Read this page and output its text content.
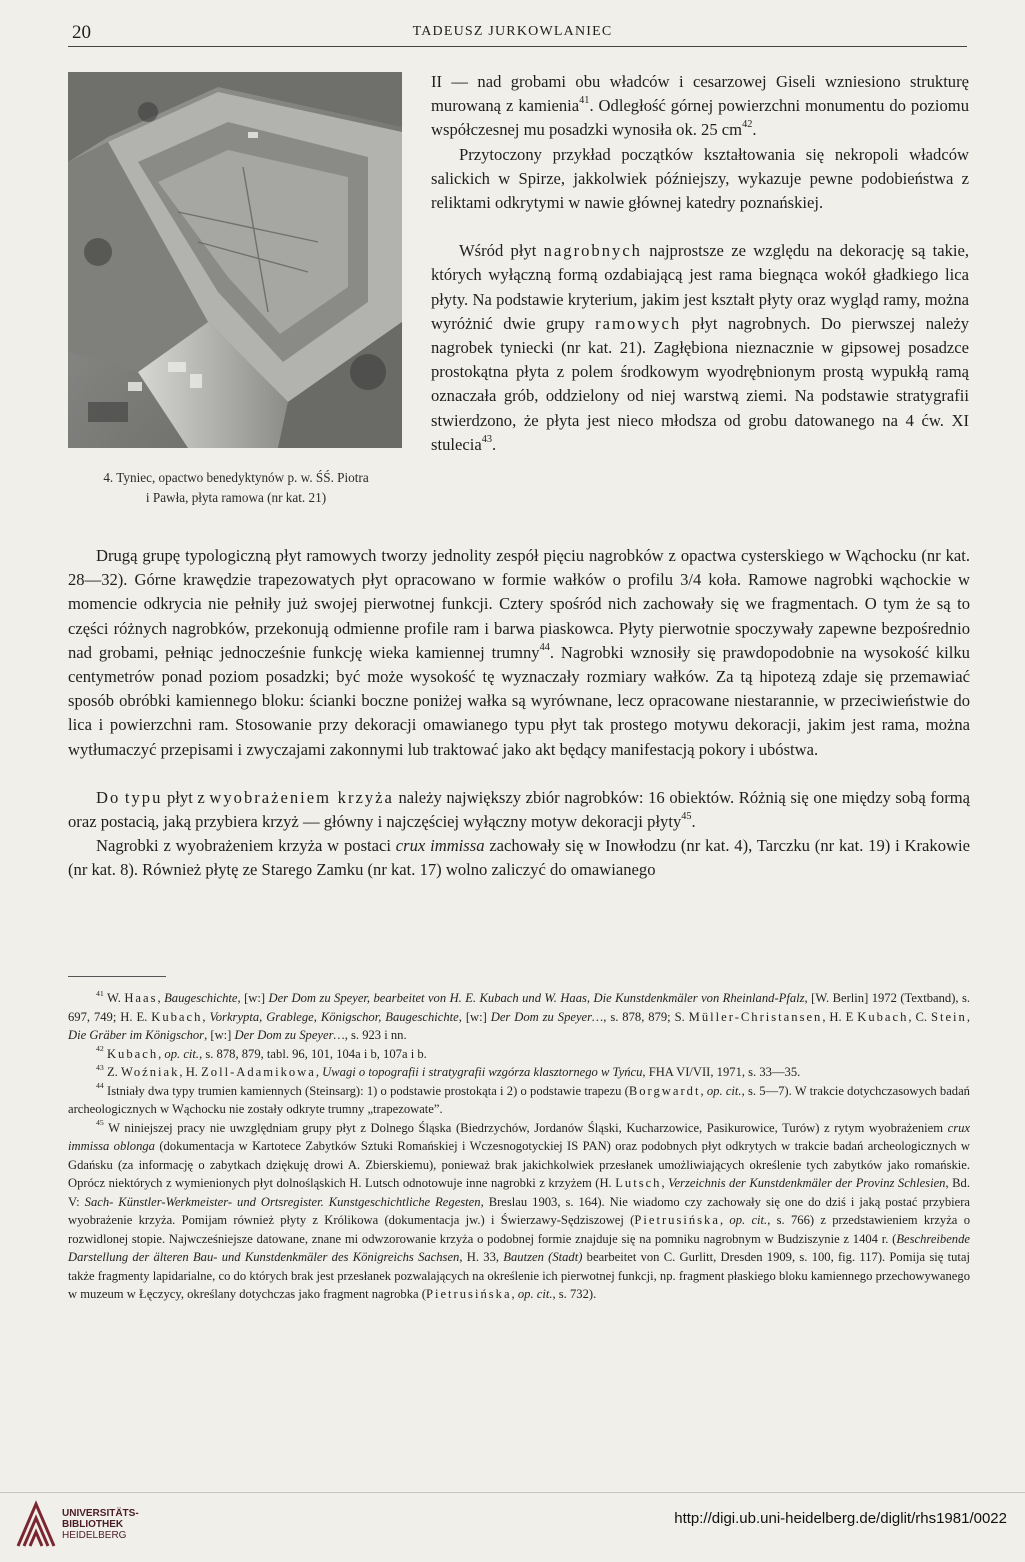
20	TADEUSZ JURKOWLANIEC
4. Tyniec, opactwo benedyktynów p. w. ŚŚ. Piotra
i Pawła, płyta ramowa (nr kat. 21)

II — nad grobami obu władców i cesarzowej Giseli wzniesiono strukturę murowaną z kamienia$^{41}$. Odległość górnej powierzchni monumentu do poziomu współczesnej mu posadzki wynosiła ok. 25 $cm^{42}$.

Przytoczony przykład początków kształtowania się nekropoli władców salickich w Spirze, jakkolwiek późniejszy, wykazuje pewne podobieństwa z reliktami odkrytymi w nawie głównej katedry poznańskiej.

Wśród płyt nagrobnych najprostsze ze względu na dekorację są takie, których wyłączną formą ozdabiającą jest rama biegnąca wokół gładkiego lica płyty. Na podstawie kryterium, jakim jest kształt płyty oraz wygląd ramy, można wyróżnić dwie grupy ramowych płyt nagrobnych. Do pierwszej należy nagrobek tyniecki (nr kat. 21). Zagłębiona nieznacznie w gipsowej posadzce prostokątna płyta z polem środkowym wyodrębnionym prostą wypukłą ramą oznaczała grób, oddzielony od niej warstwą ziemi. Na podstawie stratygrafii stwierdzono, że płyta jest nieco młodsza od grobu datowanego na 4 ćw. XI stulecia$^{43}$.

Drugą grupę typologiczną płyt ramowych tworzy jednolity zespół pięciu nagrobków z opactwa cysterskiego w Wąchocku (nr kat. 28—32). Górne krawędzie trapezowatych płyt opracowano w formie wałków o profilu 3/4 koła. Ramowe nagrobki wąchockie w momencie odkrycia nie pełniły już swojej pierwotnej funkcji. Cztery spośród nich zachowały się we fragmentach. O tym że są to części różnych nagrobków, przekonują odmienne profile ram i barwa piaskowca. Płyty pierwotnie spoczywały zapewne bezpośrednio nad grobami, pełniąc jednocześnie funkcję wieka kamiennej trumny$^{44}$. Nagrobki wznosiły się prawdopodobnie na wysokość kilku centymetrów ponad poziom posadzki; być może wysokość tę wyznaczały rozmiary wałków. Za tą hipotezą zdaje się przemawiać sposób obróbki kamiennego bloku: ścianki boczne poniżej wałka są wyrównane, lecz opracowane niestarannie, w przeciwieństwie do lica i powierzchni ram. Stosowanie przy dekoracji omawianego typu płyt tak prostego motywu dekoracji, jakim jest rama, można wytłumaczyć przepisami i zwyczajami zakonnymi lub traktować jako akt będący manifestacją pokory i ubóstwa.

Do typu płyt z wyobrażeniem krzyża należy największy zbiór nagrobków: 16 obiektów. Różnią się one między sobą formą oraz postacią, jaką przybiera krzyż — główny i najczęściej wyłączny motyw dekoracji płyty$^{45}$.

Nagrobki z wyobrażeniem krzyża w postaci crux immissa zachowały się w Inowłodzu (nr kat. 4), Tarczku (nr kat. 19) i Krakowie (nr kat. 8). Również płytę ze Starego Zamku (nr kat. 17) wolno zaliczyć do omawianego

$^{41}$ W. Haas, Baugeschichte, [w:] Der Dom zu Speyer, bearbeitet von H. E. Kubach und W. Haas, Die Kunstdenkmäler von Rheinland-Pfalz, [W. Berlin] 1972 (Textband), s. 697, 749; H. E. Kubach, Vorkrypta, Grablege, Königschor, Baugeschichte, [w:] Der Dom zu Speyer…, s. 878, 879; S. Müller-Christansen, H. E Kubach, C. Stein, Die Gräber im Königschor, [w:] Der Dom zu Speyer…, s. 923 i nn.

$^{42}$ Kubach, op. cit., s. 878, 879, tabl. 96, 101, 104a i b, 107a i b.

$^{43}$ Z. Woźniak, H. Zoll-Adamikowa, Uwagi o topografii i stratygrafii wzgórza klasztornego w Tyńcu, FHA VI/VII, 1971, s. 33—35.

$^{44}$ Istniały dwa typy trumien kamiennych (Steinsarg): 1) o podstawie prostokąta i 2) o podstawie trapezu (Borgwardt, op. cit., s. 5—7). W trakcie dotychczasowych badań archeologicznych w Wąchocku nie zostały odkryte trumny „trapezowate”.

$^{45}$ W niniejszej pracy nie uwzględniam grupy płyt z Dolnego Śląska (Biedrzychów, Jordanów Śląski, Kucharzowice, Pasikurowice, Turów) z rytym wyobrażeniem crux immissa oblonga (dokumentacja w Kartotece Zabytków Sztuki Romańskiej i Wczesnogotyckiej IS PAN) oraz podobnych płyt odkrytych w trakcie badań archeologicznych w Gdańsku (za informację o zabytkach dziękuję drowi A. Zbierskiemu), ponieważ brak jakichkolwiek przesłanek umożliwiających określenie tych zabytków jako romańskie. Oprócz niektórych z wymienionych płyt dolnośląskich H. Lutsch odnotowuje inne nagrobki z krzyżem (H. Lutsch, Verzeichnis der Kunstdenkmäler der Provinz Schlesien, Bd. V: Sach- Künstler-Werkmeister- und Ortsregister. Kunstgeschichtliche Regesten, Breslau 1903, s. 164). Nie wiadomo czy zachowały się one do dziś i jaką postać przybiera wyobrażenie krzyża. Pomijam również płyty z Królikowa (dokumentacja jw.) i Świerzawy-Sędziszowej (Pietrusińska, op. cit., s. 766) z przedstawieniem krzyża o rozwidlonej stopie. Najwcześniejsze datowane, znane mi odwzorowanie krzyża o podobnej formie znajduje się na pomniku nagrobnym w Budziszynie z 1404 r. (Beschreibende Darstellung der älteren Bau- und Kunstdenkmäler des Königreichs Sachsen, H. 33, Bautzen (Stadt) bearbeitet von C. Gurlitt, Dresden 1909, s. 100, fig. 117). Pomija się tutaj także fragmenty lapidarialne, co do których brak jest przesłanek pozwalających na określenie ich pierwotnej funkcji, np. fragment płaskiego bloku kamiennego przechowywanego w muzeum w Łęczycy, określany dotychczas jako fragment nagrobka (Pietrusińska, op. cit., s. 732).

UNIVERSITÄTS-
BIBLIOTHEK
HEIDELBERG
http://digi.ub.uni-heidelberg.de/diglit/rhs1981/0022
